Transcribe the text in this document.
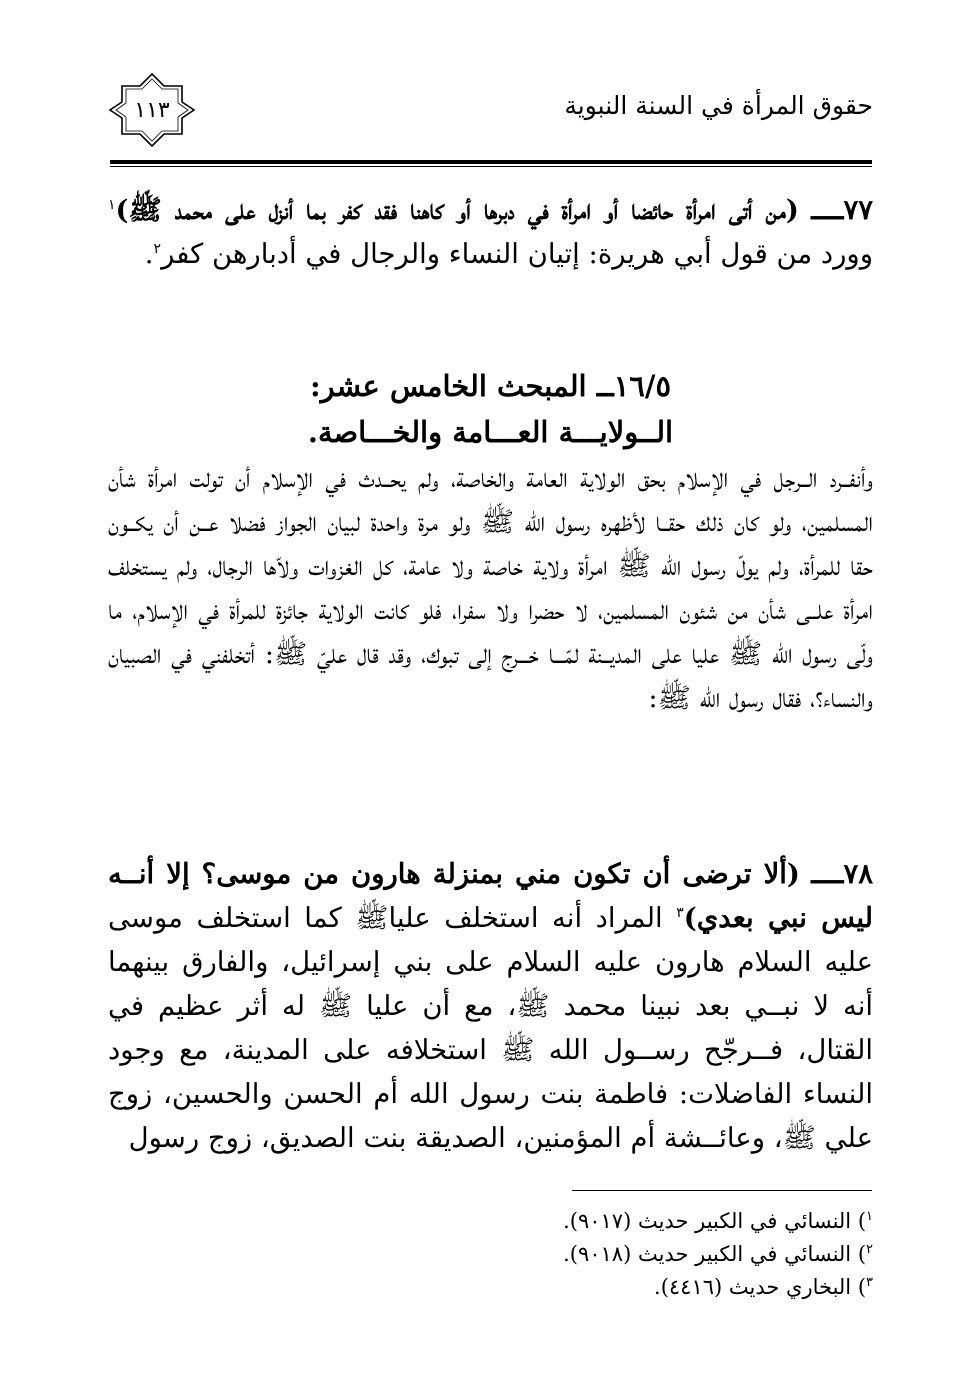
حقوق المرأة في السنة النبوية
١١٣

٧٧ــــ (من أتى امرأة حائضا أو امرأة في دبرها أو كاهنا فقد كفر بما أنزل على محمد ﷺ)$^١$ وورد من قول أبي هريرة: إتيان النساء والرجال في أدبارهن كفر$^٢$.

١٦/٥ــ المبحث الخامس عشر:
الــولايـــة العـــامة والخـــاصة.

وأنفــرد الــرجل في الإسلام بحق الولاية العامة والخاصة، ولم يحــدث في الإسلام أن تولت امرأة شأن المسلمين، ولو كان ذلك حقــا لأظهره رسول الله ﷺ ولو مرة واحدة لبيان الجواز فضلا عــن أن يكــون حقا للمرأة، ولم يولّ رسول الله ﷺ امرأة ولاية خاصة ولا عامة، كل الغزوات ولاّها الرجال، ولم يستخلف امرأة علــى شأن من شئون المسلمين، لا حضرا ولا سفرا، فلو كانت الولاية جائزة للمرأة في الإسلام، ما ولّى رسول الله ﷺ عليا على المديــنة لمّـــا خـــرج إلى تبوك، وقد قال عليّ ﷺ: أتخلفني في الصبيان والنساء؟، فقال رسول الله ﷺ:

٧٨ــــ (ألا ترضى أن تكون مني بمنزلة هارون من موسى؟ إلا أنــه ليس نبي بعدي)$^٣$ المراد أنه استخلف علياﷺ كما استخلف موسى عليه السلام هارون عليه السلام على بني إسرائيل، والفارق بينهما أنه لا نبــي بعد نبينا محمد ﷺ، مع أن عليا ﷺ له أثر عظيم في القتال، فــرجّح رســول الله ﷺ استخلافه على المدينة، مع وجود النساء الفاضلات: فاطمة بنت رسول الله أم الحسن والحسين، زوج علي ﷺ، وعائــشة أم المؤمنين، الصديقة بنت الصديق، زوج رسول

$^١$) النسائي في الكبير حديث (٩٠١٧).
$^٢$) النسائي في الكبير حديث (٩٠١٨).
$^٣$) البخاري حديث (٤٤١٦).
